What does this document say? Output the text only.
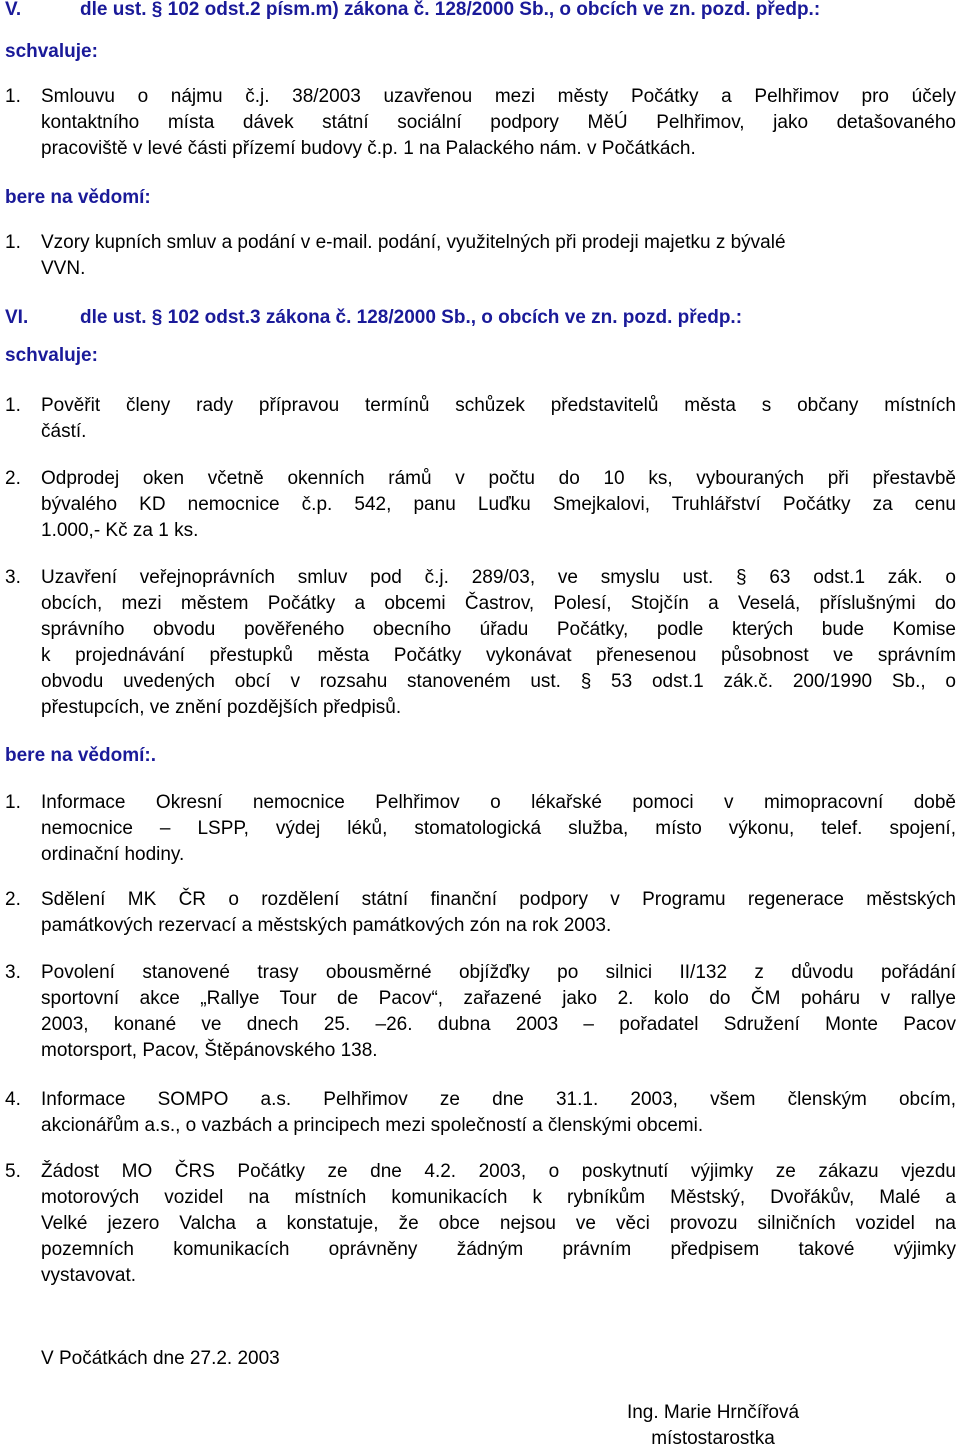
V.	dle ust. § 102 odst.2 písm.m) zákona č. 128/2000 Sb., o obcích ve zn. pozd. předp.:
schvaluje:
1. Smlouvu o nájmu č.j. 38/2003 uzavřenou mezi městy Počátky a Pelhřimov pro účely
kontaktního místa dávek státní sociální podpory MěÚ Pelhřimov, jako detašovaného
pracoviště v levé části přízemí budovy č.p. 1 na Palackého nám. v Počátkách.
bere na vědomí:
1. Vzory kupních smluv a podání v e-mail. podání, využitelných při prodeji majetku z bývalé
VVN.
VI.	dle ust. § 102 odst.3 zákona č. 128/2000 Sb., o obcích ve zn. pozd. předp.:
schvaluje:
1. Pověřit členy rady přípravou termínů schůzek představitelů města s občany místních
částí.
2. Odprodej oken včetně okenních rámů v počtu do 10 ks, vybouraných při přestavbě
bývalého KD nemocnice č.p. 542, panu Luďku Smejkalovi, Truhlářství Počátky za cenu
1.000,- Kč za 1 ks.
3. Uzavření veřejnoprávních smluv pod č.j. 289/03, ve smyslu ust. § 63 odst.1 zák. o
obcích, mezi městem Počátky a obcemi Častrov, Polesí, Stojčín a Veselá, příslušnými do
správního obvodu pověřeného obecního úřadu Počátky, podle kterých bude Komise
k projednávání přestupků města Počátky vykonávat přenesenou působnost ve správním
obvodu uvedených obcí v rozsahu stanoveném ust. § 53 odst.1 zák.č. 200/1990 Sb., o
přestupcích, ve znění pozdějších předpisů.
bere na vědomí:.
1. Informace Okresní nemocnice Pelhřimov o lékařské pomoci v mimopracovní době
nemocnice – LSPP, výdej léků, stomatologická služba, místo výkonu, telef. spojení,
ordinační hodiny.
2. Sdělení MK ČR o rozdělení státní finanční podpory v Programu regenerace městských
památkových rezervací a městských památkových zón na rok 2003.
3. Povolení stanovené trasy obousměrné objížďky po silnici II/132 z důvodu pořádání
sportovní akce „Rallye Tour de Pacov“, zařazené jako 2. kolo do ČM poháru v rallye
2003, konané ve dnech 25. –26. dubna 2003 – pořadatel Sdružení Monte Pacov
motorsport, Pacov, Štěpánovského 138.
4. Informace SOMPO a.s. Pelhřimov ze dne 31.1. 2003, všem členským obcím,
akcionářům a.s., o vazbách a principech mezi společností a členskými obcemi.
5. Žádost MO ČRS Počátky ze dne 4.2. 2003, o poskytnutí výjimky ze zákazu vjezdu
motorových vozidel na místních komunikacích k rybníkům Městský, Dvořákův, Malé a
Velké jezero Valcha a konstatuje, že obce nejsou ve věci provozu silničních vozidel na
pozemních komunikacích oprávněny žádným právním předpisem takové výjimky
vystavovat.
V Počátkách dne 27.2. 2003
Ing. Marie Hrnčířová
místostarostka
